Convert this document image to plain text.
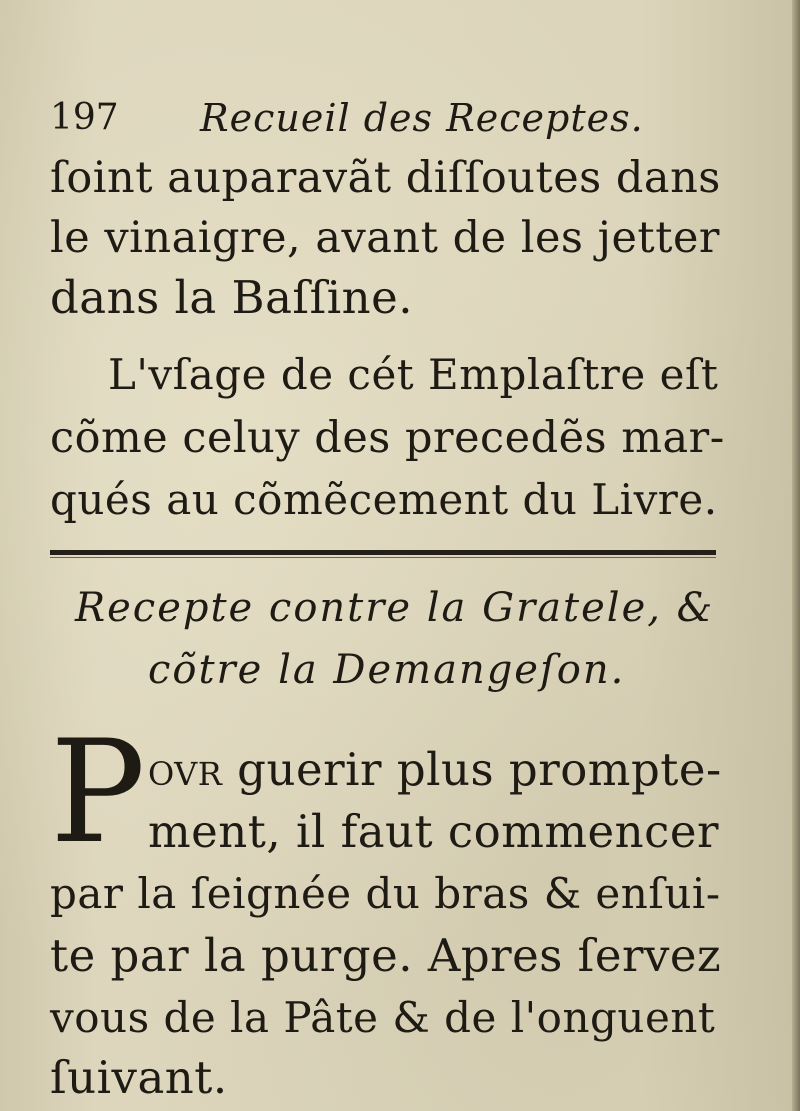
197 Recueil des Receptes.
ſoint auparavãt diſſoutes dans
le vinaigre, avant de les jetter
dans la Baſſine.
L'vſage de cét Emplaſtre eſt
cõme celuy des precedẽs mar-
qués au cõmẽcement du Livre.
Recepte contre la Gratele, &
cõtre la Demangeſon.
P ovr guerir plus prompte-
ment, il faut commencer
par la ſeignée du bras & enſui-
te par la purge. Apres ſervez
vous de la Pâte & de l'onguent
ſuivant.
